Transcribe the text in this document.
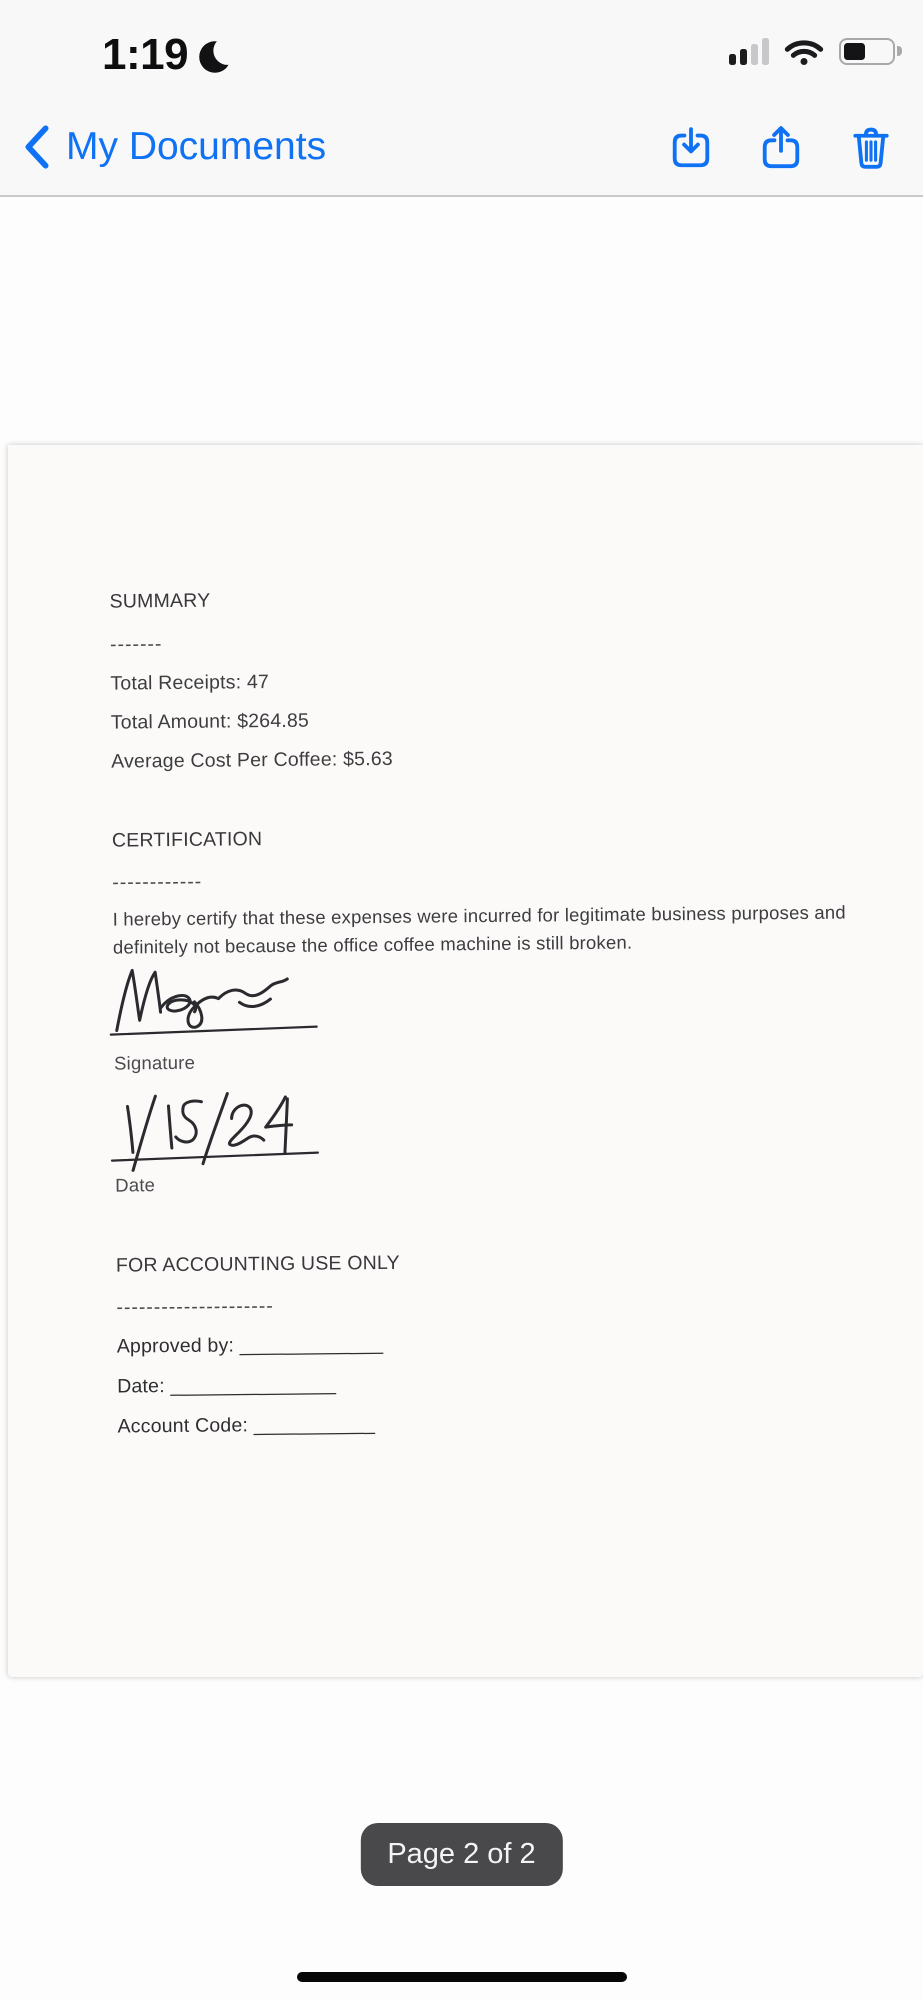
1:19
My Documents
SUMMARY
-------
Total Receipts: 47
Total Amount: $264.85
Average Cost Per Coffee: $5.63
CERTIFICATION
------------
I hereby certify that these expenses were incurred for legitimate business purposes and
definitely not because the office coffee machine is still broken.
Signature
Date
FOR ACCOUNTING USE ONLY
---------------------
Approved by: _____________
Date: _______________
Account Code: ___________
Page 2 of 2
